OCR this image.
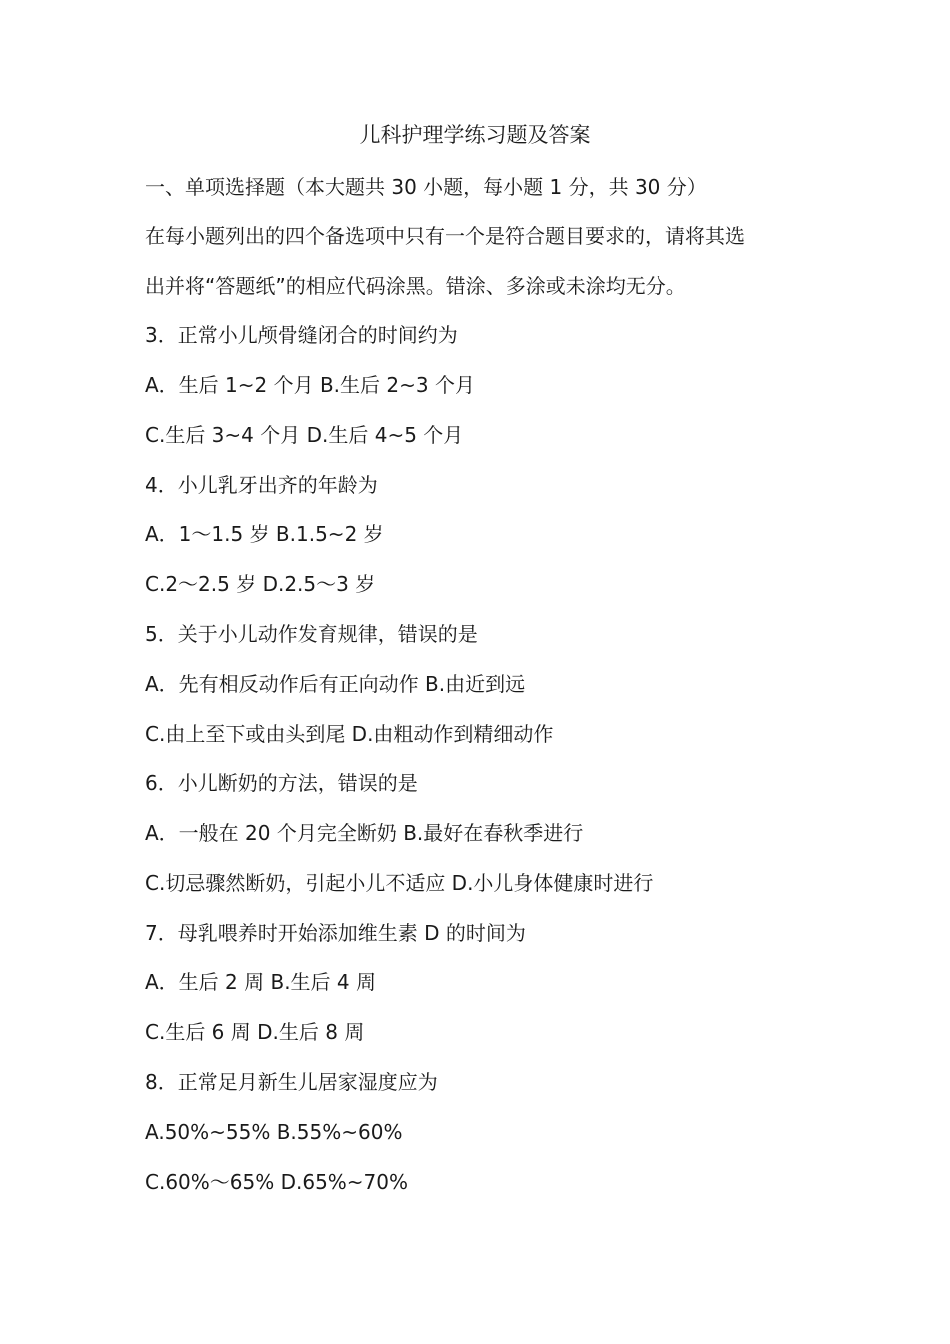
儿科护理学练习题及答案
一、单项选择题（本大题共 30 小题，每小题 1 分，共 30 分）
在每小题列出的四个备选项中只有一个是符合题目要求的，请将其选
出并将“答题纸”的相应代码涂黑。错涂、多涂或未涂均无分。
3．正常小儿颅骨缝闭合的时间约为
A．生后 1~2 个月 B.生后 2~3 个月
C.生后 3~4 个月 D.生后 4~5 个月
4．小儿乳牙出齐的年龄为
A．1～1.5 岁 B.1.5~2 岁
C.2～2.5 岁 D.2.5～3 岁
5．关于小儿动作发育规律，错误的是
A．先有相反动作后有正向动作 B.由近到远
C.由上至下或由头到尾 D.由粗动作到精细动作
6．小儿断奶的方法，错误的是
A．一般在 20 个月完全断奶 B.最好在春秋季进行
C.切忌骤然断奶，引起小儿不适应 D.小儿身体健康时进行
7．母乳喂养时开始添加维生素 D 的时间为
A．生后 2 周 B.生后 4 周
C.生后 6 周 D.生后 8 周
8．正常足月新生儿居家湿度应为
A.50%~55% B.55%~60%
C.60%～65% D.65%~70%
